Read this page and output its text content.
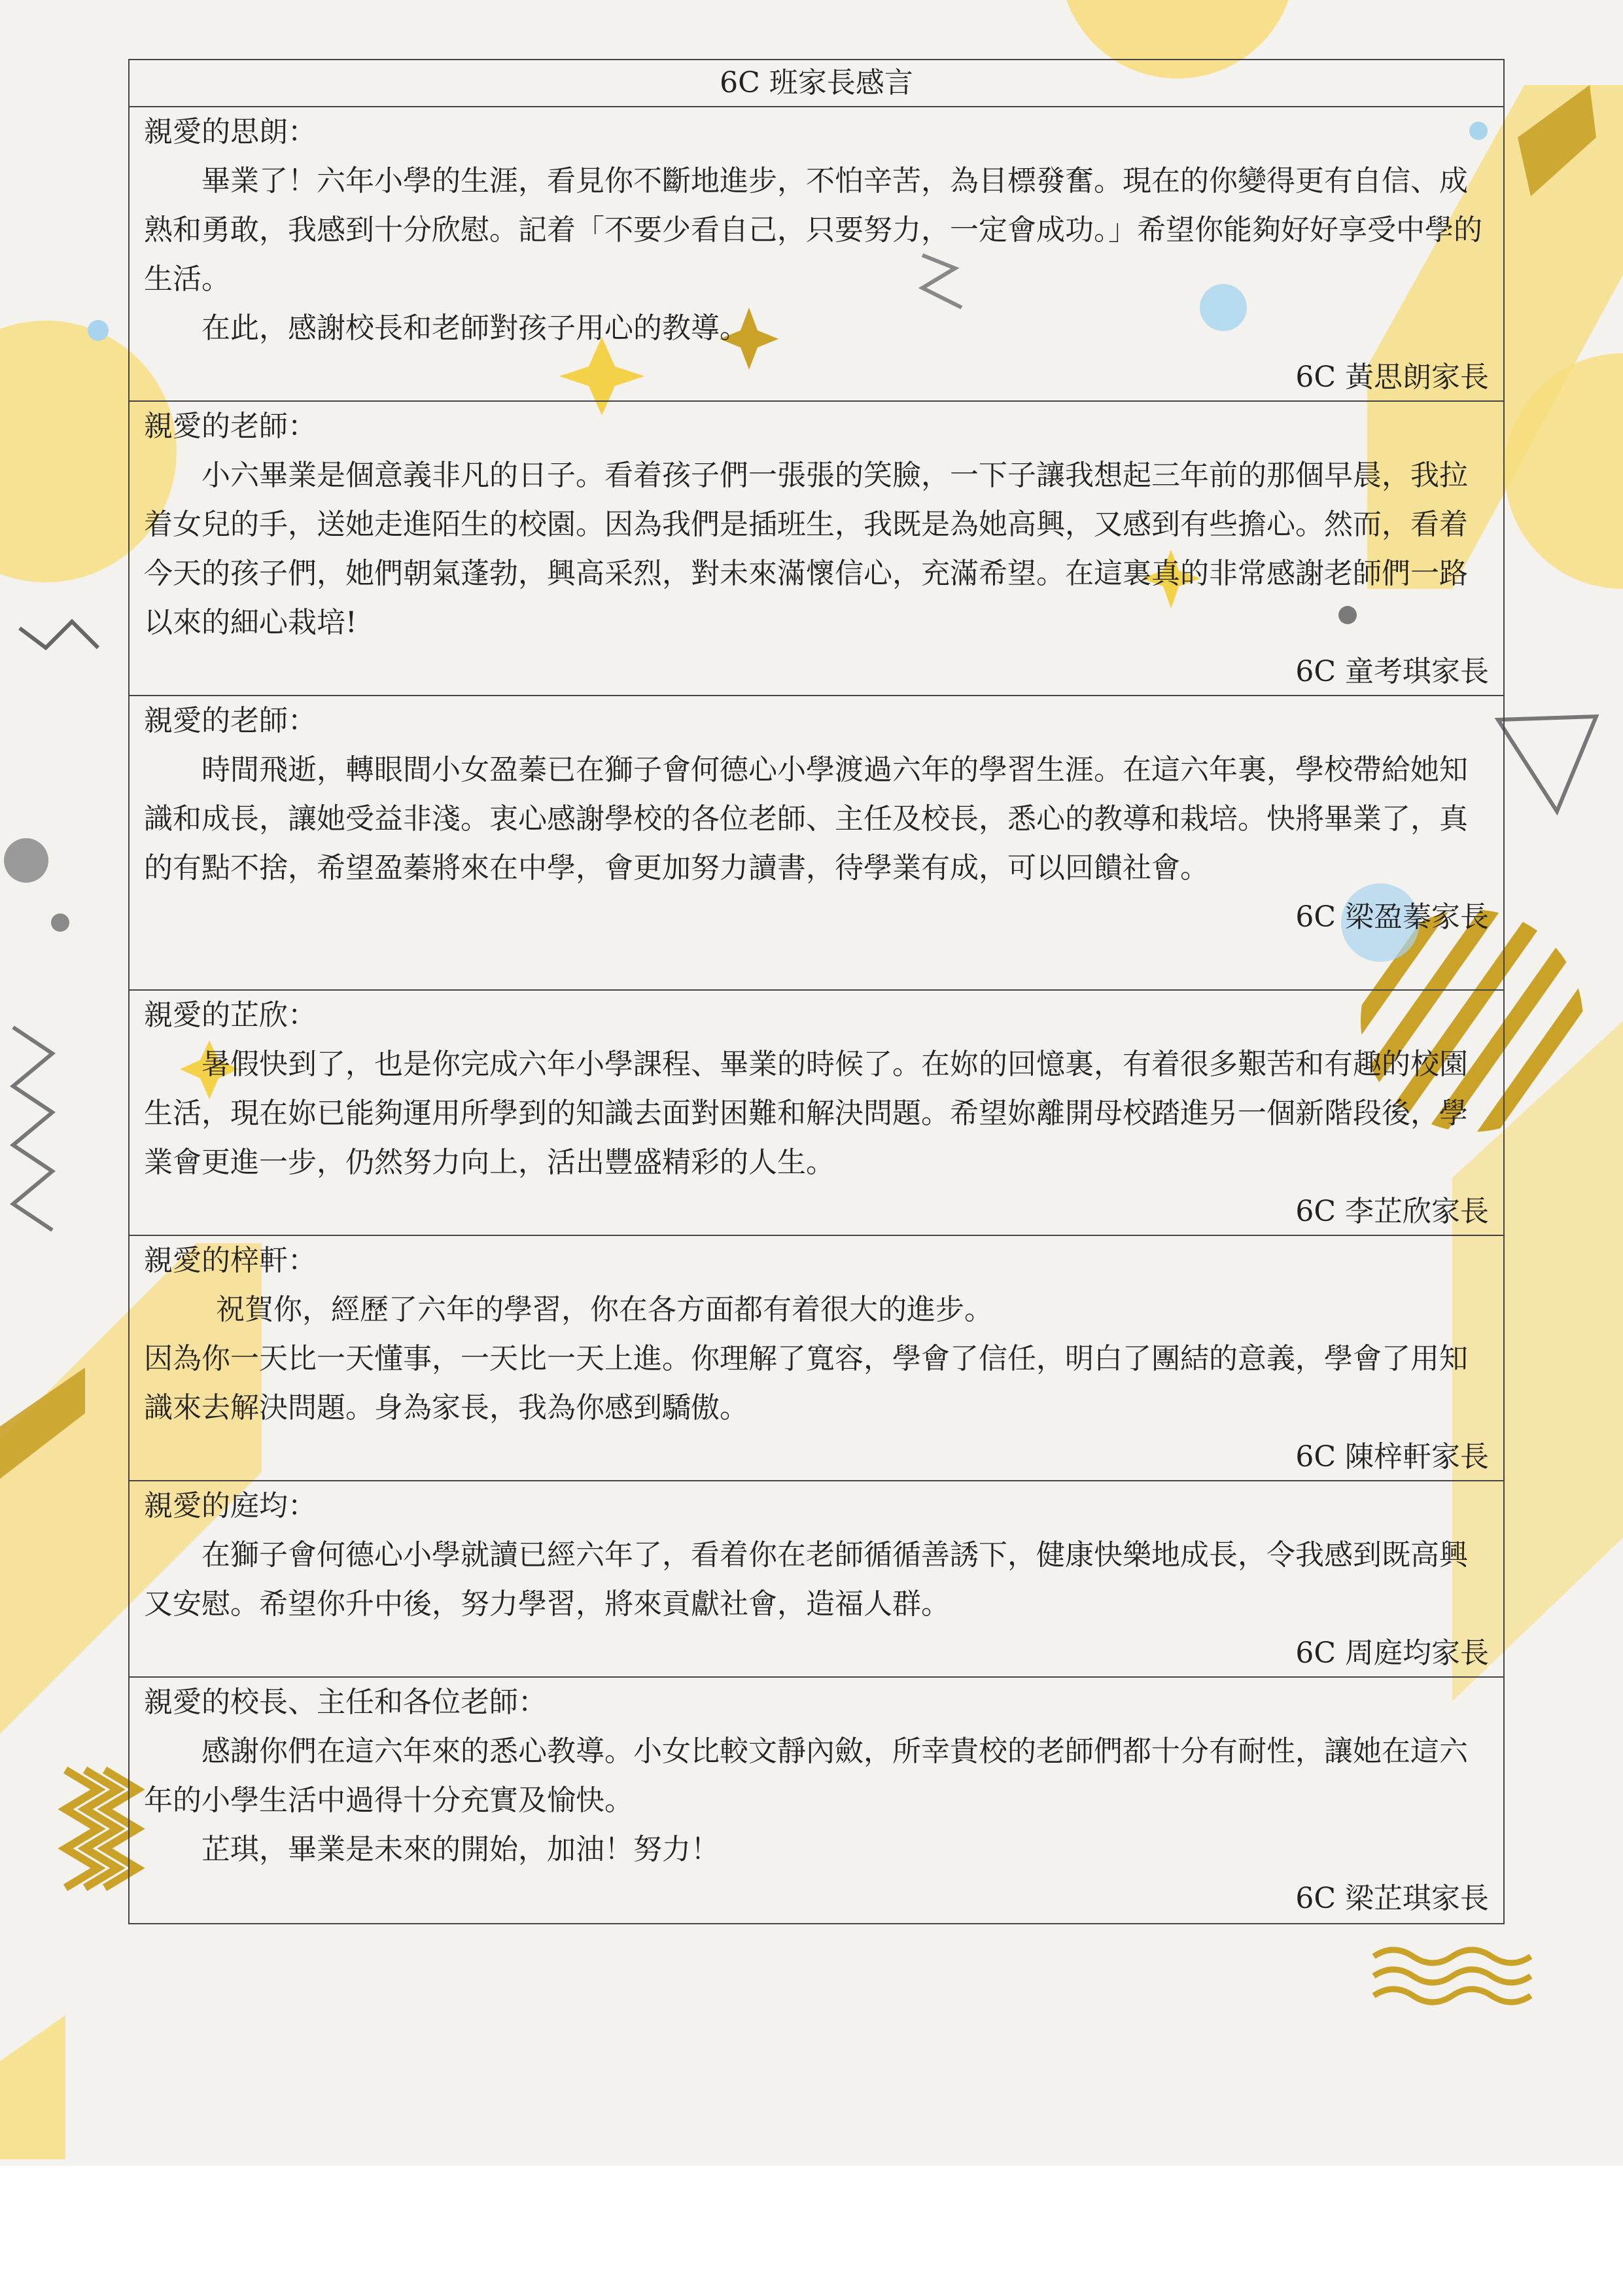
6C 班家長感言

親愛的思朗：

畢業了！六年小學的生涯，看見你不斷地進步，不怕辛苦，為目標發奮。現在的你變得更有自信、成熟和勇敢，我感到十分欣慰。記着「不要少看自己，只要努力，一定會成功。」希望你能夠好好享受中學的生活。

在此，感謝校長和老師對孩子用心的教導。

6C 黃思朗家長

親愛的老師：

小六畢業是個意義非凡的日子。看着孩子們一張張的笑臉，一下子讓我想起三年前的那個早晨，我拉着女兒的手，送她走進陌生的校園。因為我們是插班生，我既是為她高興，又感到有些擔心。然而，看着今天的孩子們，她們朝氣蓬勃，興高采烈，對未來滿懷信心，充滿希望。在這裏真的非常感謝老師們一路以來的細心栽培!

6C 童考琪家長

親愛的老師：

時間飛逝，轉眼間小女盈蓁已在獅子會何德心小學渡過六年的學習生涯。在這六年裏，學校帶給她知識和成長，讓她受益非淺。衷心感謝學校的各位老師、主任及校長，悉心的教導和栽培。快將畢業了，真的有點不捨，希望盈蓁將來在中學，會更加努力讀書，待學業有成，可以回饋社會。

6C 梁盈蓁家長

親愛的芷欣：

暑假快到了，也是你完成六年小學課程、畢業的時候了。在妳的回憶裏，有着很多艱苦和有趣的校園生活，現在妳已能夠運用所學到的知識去面對困難和解決問題。希望妳離開母校踏進另一個新階段後，學業會更進一步，仍然努力向上，活出豐盛精彩的人生。

6C 李芷欣家長

親愛的梓軒：

祝賀你，經歷了六年的學習，你在各方面都有着很大的進步。

因為你一天比一天懂事，一天比一天上進。你理解了寬容，學會了信任，明白了團結的意義，學會了用知識來去解決問題。身為家長，我為你感到驕傲。

6C 陳梓軒家長

親愛的庭均：

在獅子會何德心小學就讀已經六年了，看着你在老師循循善誘下，健康快樂地成長，令我感到既高興又安慰。希望你升中後，努力學習，將來貢獻社會，造福人群。

6C 周庭均家長

親愛的校長、主任和各位老師：

感謝你們在這六年來的悉心教導。小女比較文靜內斂，所幸貴校的老師們都十分有耐性，讓她在這六年的小學生活中過得十分充實及愉快。

芷琪，畢業是未來的開始，加油！努力！

6C 梁芷琪家長
